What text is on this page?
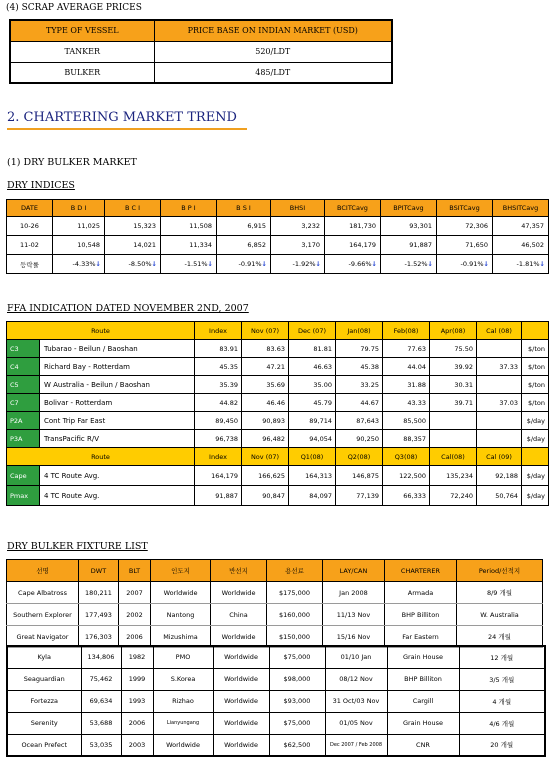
(4) SCRAP AVERAGE PRICES
TYPE OF VESSEL	PRICE BASE ON INDIAN MARKET (USD)
TANKER	520/LDT
BULKER	485/LDT
2. CHARTERING MARKET TREND
(1) DRY BULKER MARKET
DRY INDICES
DATE	B D I	B C I	B P I	B S I	BHSI	BCITCavg	BPITCavg	BSITCavg	BHSITCavg
10-26	11,025	15,323	11,508	6,915	3,232	181,730	93,301	72,306	47,357
11-02	10,548	14,021	11,334	6,852	3,170	164,179	91,887	71,650	46,502
등락률	-4.33%↓	-8.50%↓	-1.51%↓	-0.91%↓	-1.92%↓	-9.66%↓	-1.52%↓	-0.91%↓	-1.81%↓
FFA INDICATION DATED NOVEMBER 2ND, 2007
Route		Index	Nov (07)	Dec (07)	Jan(08)	Feb(08)	Apr(08)	Cal (08)	
C3	Tubarao - Beilun / Baoshan	83.91	83.63	81.81	79.75	77.63	75.50		$/ton
C4	Richard Bay - Rotterdam	45.35	47.21	46.63	45.38	44.04	39.92	37.33	$/ton
C5	W Australia - Beilun / Baoshan	35.39	35.69	35.00	33.25	31.88	30.31		$/ton
C7	Bolivar - Rotterdam	44.82	46.46	45.79	44.67	43.33	39.71	37.03	$/ton
P2A	Cont Trip Far East	89,450	90,893	89,714	87,643	85,500			$/day
P3A	TransPacific R/V	96,738	96,482	94,054	90,250	88,357			$/day
Route		Index	Nov (07)	Q1(08)	Q2(08)	Q3(08)	Cal(08)	Cal (09)	
Cape	4 TC Route Avg.	164,179	166,625	164,313	146,875	122,500	135,234	92,188	$/day
Pmax	4 TC Route Avg.	91,887	90,847	84,097	77,139	66,333	72,240	50,764	$/day
DRY BULKER FIXTURE LIST
선명	DWT	BLT	인도지	반선지	용선료	LAY/CAN	CHARTERER	Period/선적지
Cape Albatross	180,211	2007	Worldwide	Worldwide	$175,000	Jan 2008	Armada	8/9 개월
Southern Explorer	177,493	2002	Nantong	China	$160,000	11/13 Nov	BHP Billiton	W. Australia
Great Navigator	176,303	2006	Mizushima	Worldwide	$150,000	15/16 Nov	Far Eastern	24 개월
Kyla	134,806	1982	PMO	Worldwide	$75,000	01/10 Jan	Grain House	12 개월
Seaguardian	75,462	1999	S.Korea	Worldwide	$98,000	08/12 Nov	BHP Billiton	3/5 개월
Fortezza	69,634	1993	Rizhao	Worldwide	$93,000	31 Oct/03 Nov	Cargill	4 개월
Serenity	53,688	2006	Lianyungang	Worldwide	$75,000	01/05 Nov	Grain House	4/6 개월
Ocean Prefect	53,035	2003	Worldwide	Worldwide	$62,500	Dec 2007 / Feb 2008	CNR	20 개월
